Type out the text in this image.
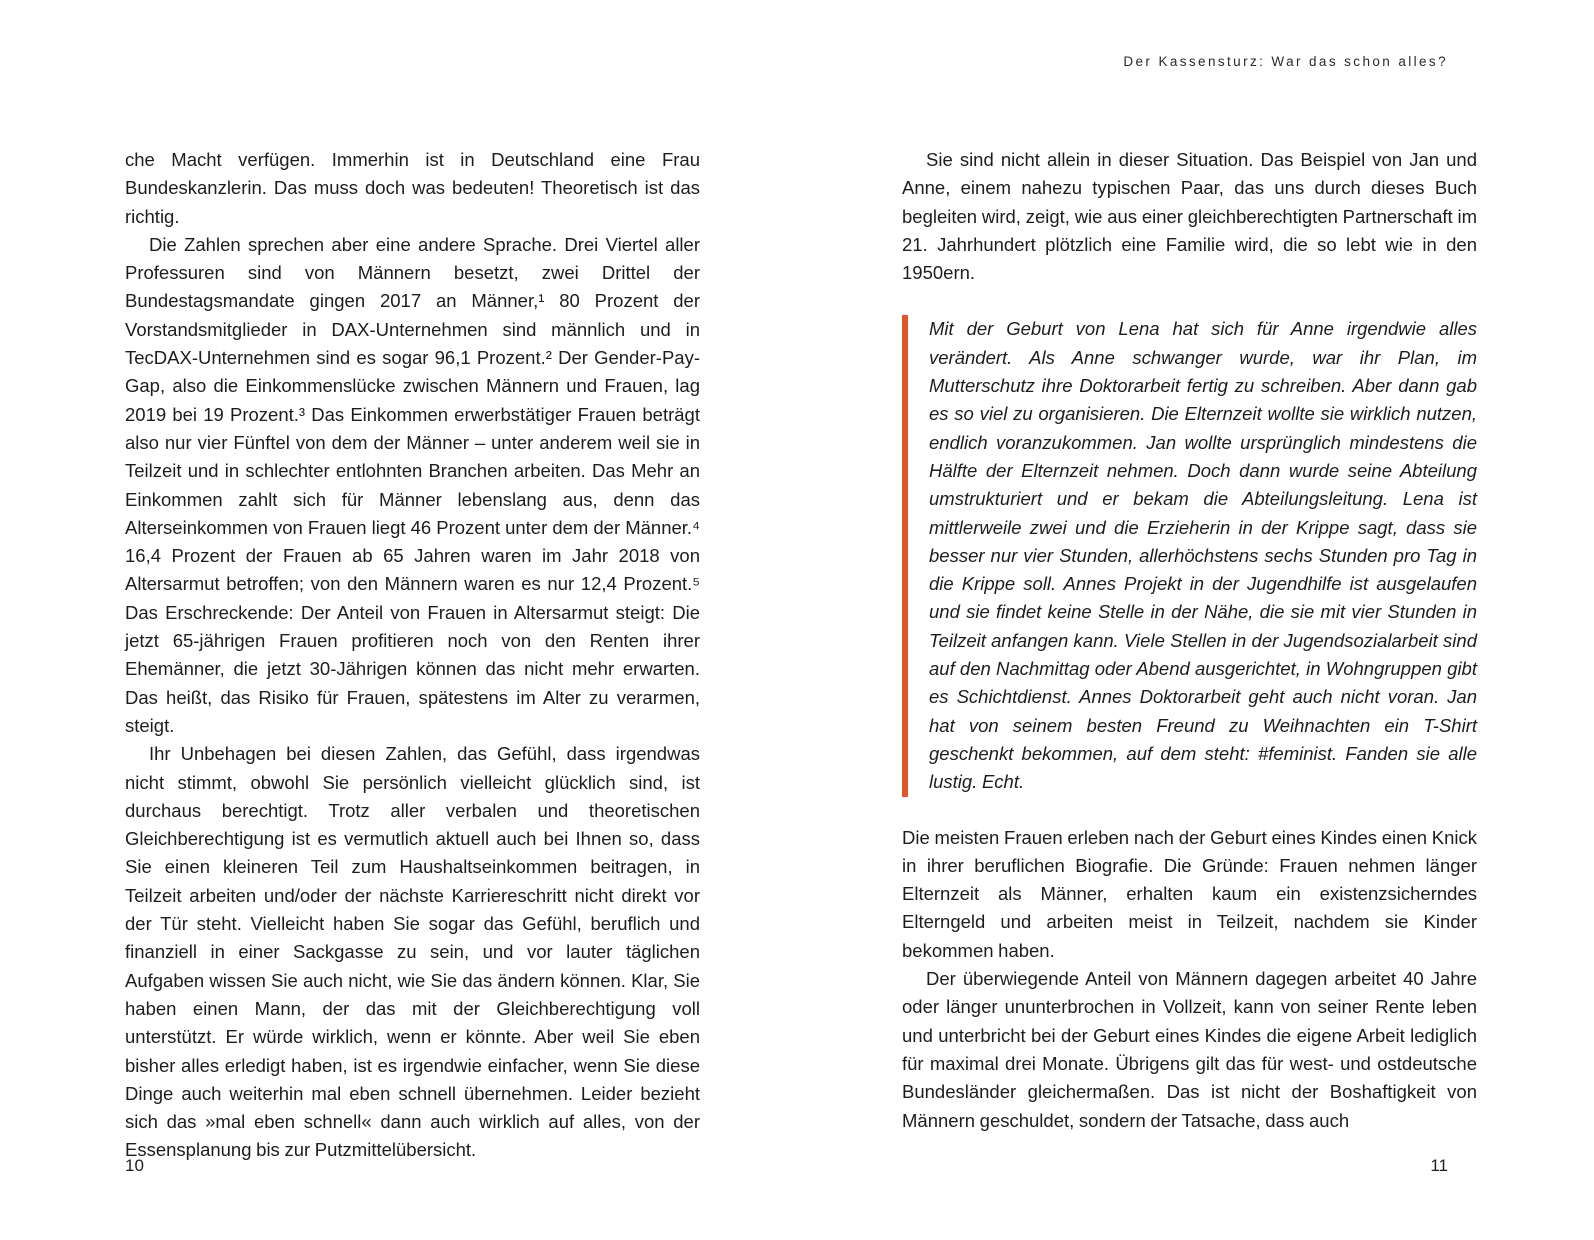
Der Kassensturz: War das schon alles?

che Macht verfügen. Immerhin ist in Deutschland eine Frau Bundeskanzlerin. Das muss doch was bedeuten! Theoretisch ist das richtig.

Die Zahlen sprechen aber eine andere Sprache. Drei Viertel aller Professuren sind von Männern besetzt, zwei Drittel der Bundestagsmandate gingen 2017 an Männer,¹ 80 Prozent der Vorstandsmitglieder in DAX-Unternehmen sind männlich und in TecDAX-Unternehmen sind es sogar 96,1 Prozent.² Der Gender-Pay-Gap, also die Einkommenslücke zwischen Männern und Frauen, lag 2019 bei 19 Prozent.³ Das Einkommen erwerbstätiger Frauen beträgt also nur vier Fünftel von dem der Männer – unter anderem weil sie in Teilzeit und in schlechter entlohnten Branchen arbeiten. Das Mehr an Einkommen zahlt sich für Männer lebenslang aus, denn das Alterseinkommen von Frauen liegt 46 Prozent unter dem der Männer.⁴ 16,4 Prozent der Frauen ab 65 Jahren waren im Jahr 2018 von Altersarmut betroffen; von den Männern waren es nur 12,4 Prozent.⁵ Das Erschreckende: Der Anteil von Frauen in Altersarmut steigt: Die jetzt 65-jährigen Frauen profitieren noch von den Renten ihrer Ehemänner, die jetzt 30-Jährigen können das nicht mehr erwarten. Das heißt, das Risiko für Frauen, spätestens im Alter zu verarmen, steigt.

Ihr Unbehagen bei diesen Zahlen, das Gefühl, dass irgendwas nicht stimmt, obwohl Sie persönlich vielleicht glücklich sind, ist durchaus berechtigt. Trotz aller verbalen und theoretischen Gleichberechtigung ist es vermutlich aktuell auch bei Ihnen so, dass Sie einen kleineren Teil zum Haushaltseinkommen beitragen, in Teilzeit arbeiten und/oder der nächste Karriereschritt nicht direkt vor der Tür steht. Vielleicht haben Sie sogar das Gefühl, beruflich und finanziell in einer Sackgasse zu sein, und vor lauter täglichen Aufgaben wissen Sie auch nicht, wie Sie das ändern können. Klar, Sie haben einen Mann, der das mit der Gleichberechtigung voll unterstützt. Er würde wirklich, wenn er könnte. Aber weil Sie eben bisher alles erledigt haben, ist es irgendwie einfacher, wenn Sie diese Dinge auch weiterhin mal eben schnell übernehmen. Leider bezieht sich das »mal eben schnell« dann auch wirklich auf alles, von der Essensplanung bis zur Putzmittelübersicht.

Sie sind nicht allein in dieser Situation. Das Beispiel von Jan und Anne, einem nahezu typischen Paar, das uns durch dieses Buch begleiten wird, zeigt, wie aus einer gleichberechtigten Partnerschaft im 21. Jahrhundert plötzlich eine Familie wird, die so lebt wie in den 1950ern.

Mit der Geburt von Lena hat sich für Anne irgendwie alles verändert. Als Anne schwanger wurde, war ihr Plan, im Mutterschutz ihre Doktorarbeit fertig zu schreiben. Aber dann gab es so viel zu organisieren. Die Elternzeit wollte sie wirklich nutzen, endlich voranzukommen. Jan wollte ursprünglich mindestens die Hälfte der Elternzeit nehmen. Doch dann wurde seine Abteilung umstrukturiert und er bekam die Abteilungsleitung. Lena ist mittlerweile zwei und die Erzieherin in der Krippe sagt, dass sie besser nur vier Stunden, allerhöchstens sechs Stunden pro Tag in die Krippe soll. Annes Projekt in der Jugendhilfe ist ausgelaufen und sie findet keine Stelle in der Nähe, die sie mit vier Stunden in Teilzeit anfangen kann. Viele Stellen in der Jugendsozialarbeit sind auf den Nachmittag oder Abend ausgerichtet, in Wohngruppen gibt es Schichtdienst. Annes Doktorarbeit geht auch nicht voran. Jan hat von seinem besten Freund zu Weihnachten ein T-Shirt geschenkt bekommen, auf dem steht: #feminist. Fanden sie alle lustig. Echt.

Die meisten Frauen erleben nach der Geburt eines Kindes einen Knick in ihrer beruflichen Biografie. Die Gründe: Frauen nehmen länger Elternzeit als Männer, erhalten kaum ein existenzsicherndes Elterngeld und arbeiten meist in Teilzeit, nachdem sie Kinder bekommen haben.

Der überwiegende Anteil von Männern dagegen arbeitet 40 Jahre oder länger ununterbrochen in Vollzeit, kann von seiner Rente leben und unterbricht bei der Geburt eines Kindes die eigene Arbeit lediglich für maximal drei Monate. Übrigens gilt das für west- und ostdeutsche Bundesländer gleichermaßen. Das ist nicht der Boshaftigkeit von Männern geschuldet, sondern der Tatsache, dass auch

10	11
